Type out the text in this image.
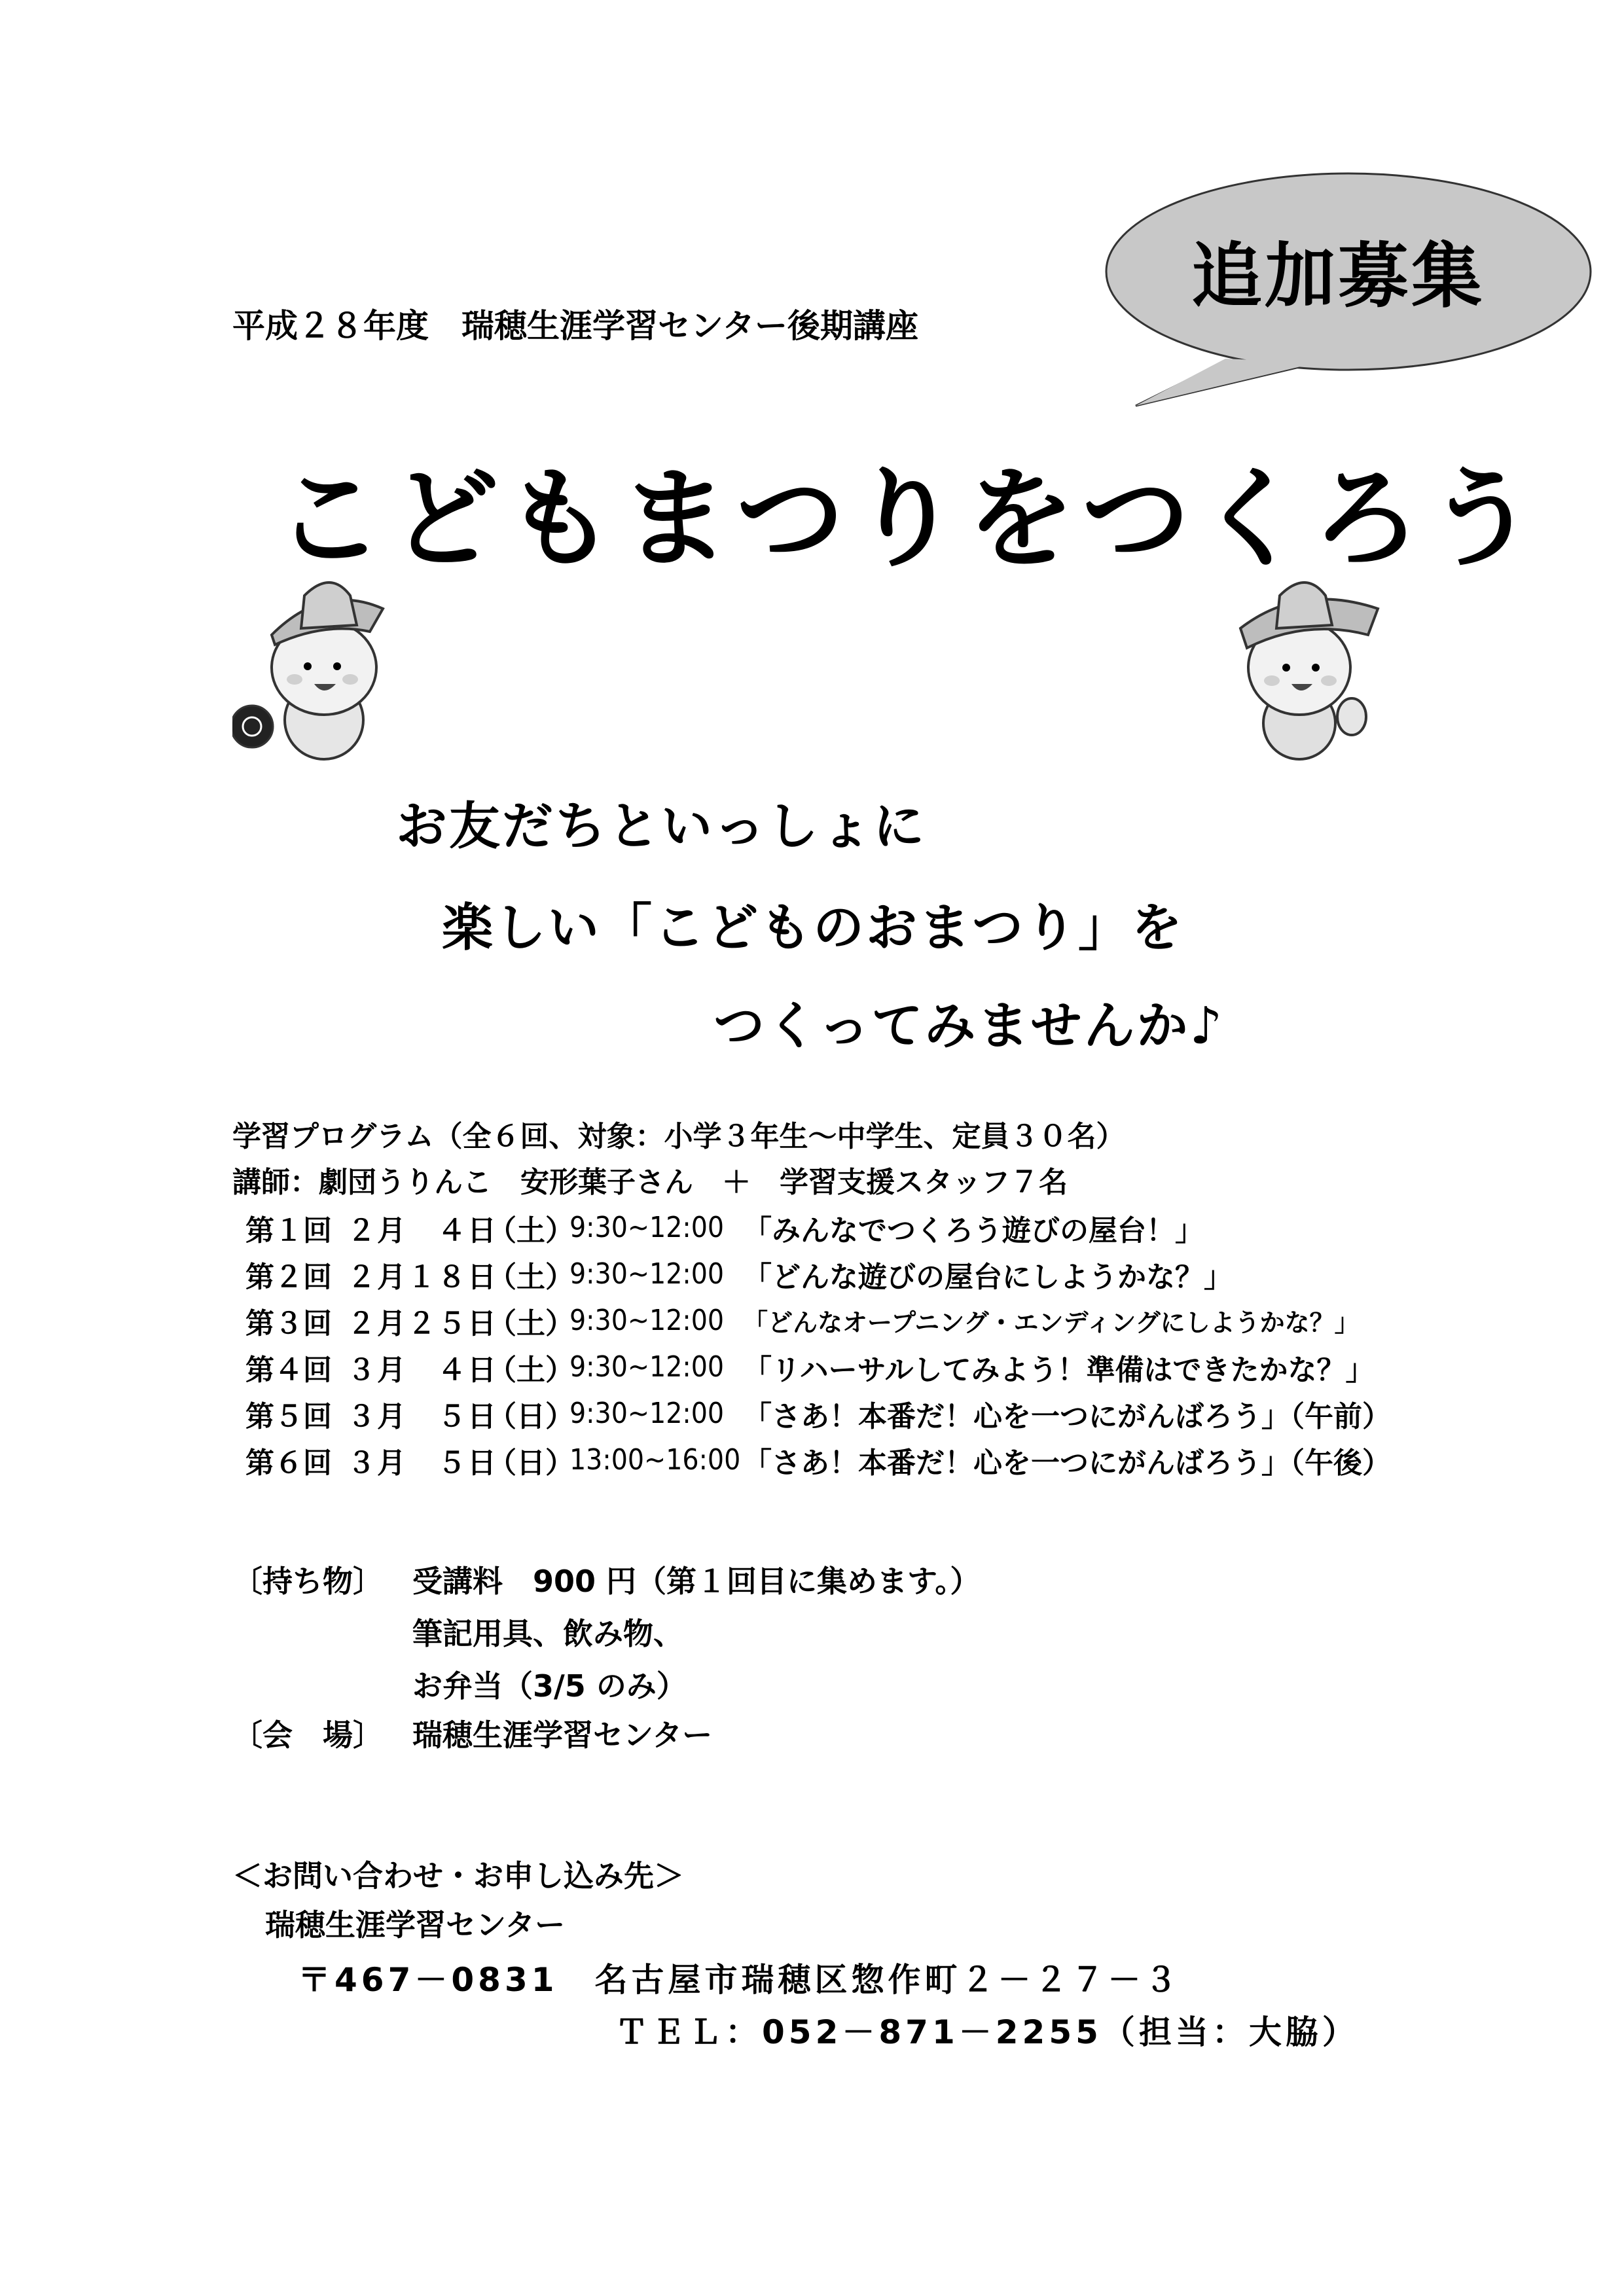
追加募集
平成２８年度　瑞穂生涯学習センター後期講座
こどもまつりをつくろう
お友だちといっしょに
楽しい「こどものおまつり」を
つくってみませんか♪
学習プログラム（全６回、対象：小学３年生～中学生、定員３０名）
講師：劇団うりんこ　安形葉子さん　＋　学習支援スタッフ７名
第１回 ２月　４日
（土）
9:30~12:00 「みんなでつくろう遊びの屋台！」
第２回 ２月１８日
（土）
9:30~12:00 「どんな遊びの屋台にしようかな？」
第３回 ２月２５日
（土）
9:30~12:00 「どんなオープニング・エンディングにしようかな？」
第４回 ３月　４日
（土）
9:30~12:00 「リハーサルしてみよう！準備はできたかな？」
第５回 ３月　５日
（日）
9:30~12:00 「さあ！本番だ！心を一つにがんばろう」（午前）
第６回 ３月　５日
（日）
13:00~16:00 「さあ！本番だ！心を一つにがんばろう」（午後）
〔持ち物〕 受講料　900 円（第１回目に集めます。）
筆記用具、飲み物、
お弁当（3/5 のみ）
〔会　場〕 瑞穂生涯学習センター
＜お問い合わせ・お申し込み先＞
瑞穂生涯学習センター
〒467－0831　名古屋市瑞穂区惣作町２－２７－３
ＴＥＬ：052－871－2255（担当：大脇）
